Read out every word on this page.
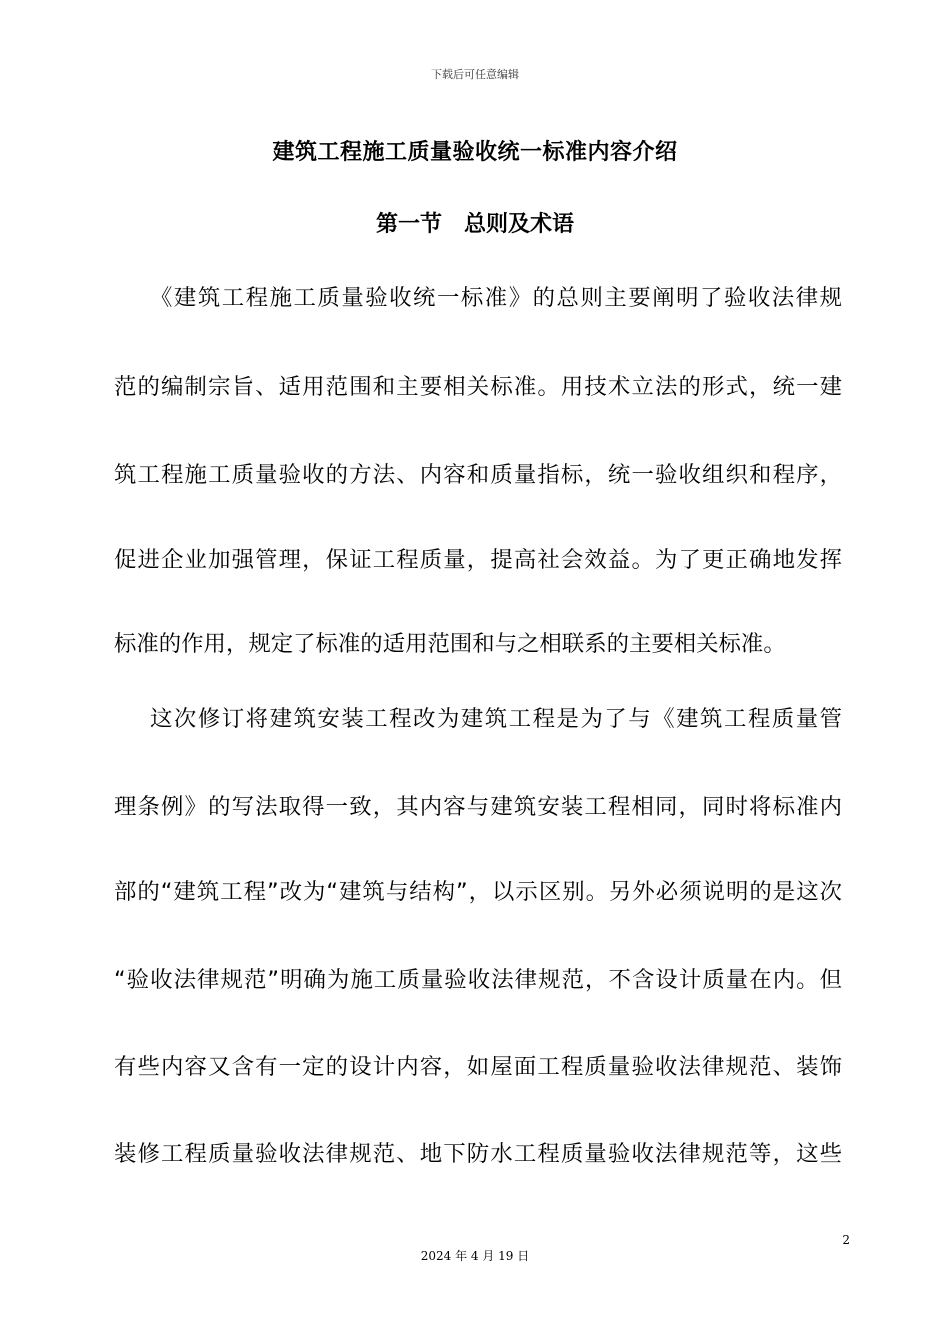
下载后可任意编辑
建筑工程施工质量验收统一标准内容介绍
第一节　总则及术语
《建筑工程施工质量验收统一标准》的总则主要阐明了验收法律规
范的编制宗旨、适用范围和主要相关标准。用技术立法的形式，统一建
筑工程施工质量验收的方法、内容和质量指标，统一验收组织和程序，
促进企业加强管理，保证工程质量，提高社会效益。为了更正确地发挥
标准的作用，规定了标准的适用范围和与之相联系的主要相关标准。
这次修订将建筑安装工程改为建筑工程是为了与《建筑工程质量管
理条例》的写法取得一致，其内容与建筑安装工程相同，同时将标准内
部的“建筑工程”改为“建筑与结构”，以示区别。另外必须说明的是这次
“验收法律规范”明确为施工质量验收法律规范，不含设计质量在内。但
有些内容又含有一定的设计内容，如屋面工程质量验收法律规范、装饰
装修工程质量验收法律规范、地下防水工程质量验收法律规范等，这些
2
2024 年 4 月 19 日
